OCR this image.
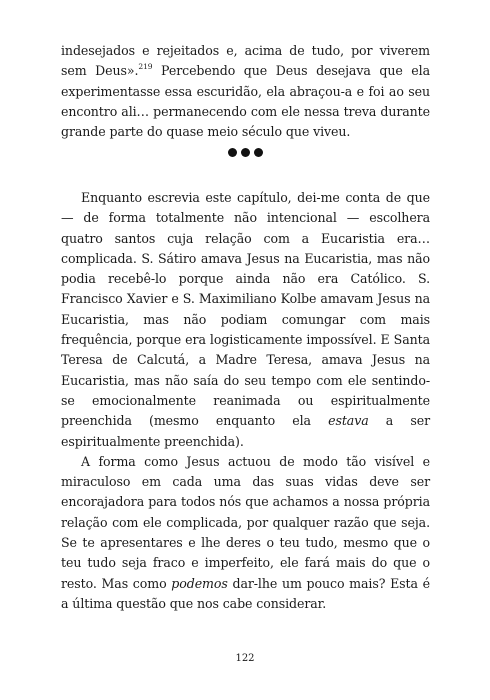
indesejados e rejeitados e, acima de tudo, por viverem sem Deus».$^{219}$ Percebendo que Deus desejava que ela experimentasse essa escuridão, ela abraçou-a e foi ao seu encontro ali… permanecendo com ele nessa treva durante grande parte do quase meio século que viveu.

Enquanto escrevia este capítulo, dei-me conta de que — de forma totalmente não intencional — escolhera quatro santos cuja relação com a Eucaristia era… complicada. S. Sátiro amava Jesus na Eucaristia, mas não podia recebê-lo porque ainda não era Católico. S. Francisco Xavier e S. Maximiliano Kolbe amavam Jesus na Eucaristia, mas não podiam comungar com mais frequência, porque era logisticamente impossível. E Santa Teresa de Calcutá, a Madre Teresa, amava Jesus na Eucaristia, mas não saía do seu tempo com ele sentindo-se emocionalmente reanimada ou espiritualmente preenchida (mesmo enquanto ela estava a ser espiritualmente preenchida).

A forma como Jesus actuou de modo tão visível e miraculoso em cada uma das suas vidas deve ser encorajadora para todos nós que achamos a nossa própria relação com ele complicada, por qualquer razão que seja. Se te apresentares e lhe deres o teu tudo, mesmo que o teu tudo seja fraco e imperfeito, ele fará mais do que o resto. Mas como podemos dar-lhe um pouco mais? Esta é a última questão que nos cabe considerar.

122
